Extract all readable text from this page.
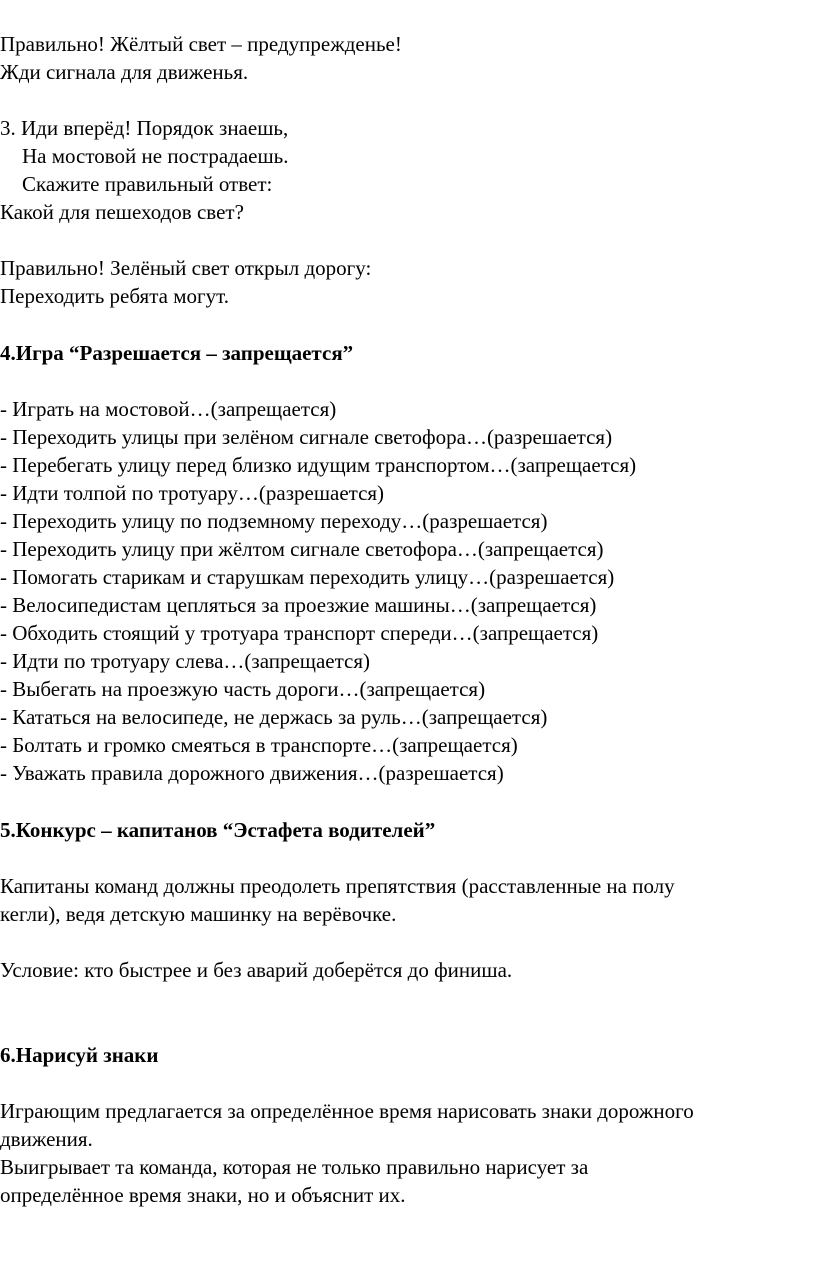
Правильно! Жёлтый свет – предупрежденье!
Жди сигнала для движенья.
3. Иди вперёд! Порядок знаешь,
На мостовой не пострадаешь.
Скажите правильный ответ:
Какой для пешеходов свет?
Правильно! Зелёный свет открыл дорогу:
Переходить ребята могут.
4.Игра “Разрешается – запрещается”
- Играть на мостовой…(запрещается)
- Переходить улицы при зелёном сигнале светофора…(разрешается)
- Перебегать улицу перед близко идущим транспортом…(запрещается)
- Идти толпой по тротуару…(разрешается)
- Переходить улицу по подземному переходу…(разрешается)
- Переходить улицу при жёлтом сигнале светофора…(запрещается)
- Помогать старикам и старушкам переходить улицу…(разрешается)
- Велосипедистам цепляться за проезжие машины…(запрещается)
- Обходить стоящий у тротуара транспорт спереди…(запрещается)
- Идти по тротуару слева…(запрещается)
- Выбегать на проезжую часть дороги…(запрещается)
- Кататься на велосипеде, не держась за руль…(запрещается)
- Болтать и громко смеяться в транспорте…(запрещается)
- Уважать правила дорожного движения…(разрешается)
5.Конкурс – капитанов “Эстафета водителей”
Капитаны команд должны преодолеть препятствия (расставленные на полу
кегли), ведя детскую машинку на верёвочке.
Условие: кто быстрее и без аварий доберётся до финиша.
6.Нарисуй знаки
Играющим предлагается за определённое время нарисовать знаки дорожного
движения.
Выигрывает та команда, которая не только правильно нарисует за
определённое время знаки, но и объяснит их.
